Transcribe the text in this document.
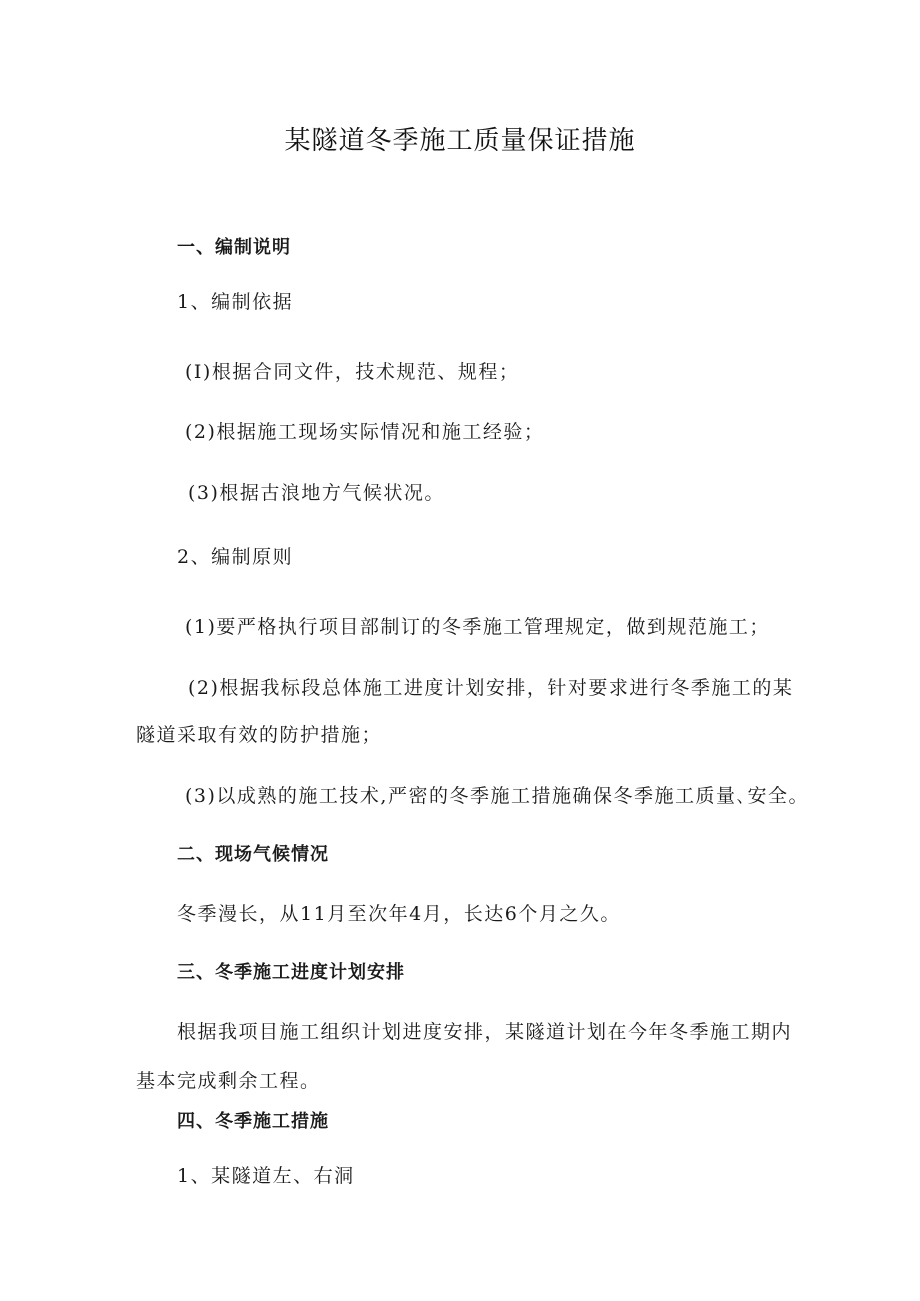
某隧道冬季施工质量保证措施
一、编制说明
1、编制依据
(I)根据合同文件，技术规范、规程；
(2)根据施工现场实际情况和施工经验；
(3)根据古浪地方气候状况。
2、编制原则
(1)要严格执行项目部制订的冬季施工管理规定，做到规范施工；
(2)根据我标段总体施工进度计划安排，针对要求进行冬季施工的某
隧道采取有效的防护措施；
(3)以成熟的施工技术,严密的冬季施工措施确保冬季施工质量､安全。
二、现场气候情况
冬季漫长，从11月至次年4月，长达6个月之久。
三、冬季施工进度计划安排
根据我项目施工组织计划进度安排，某隧道计划在今年冬季施工期内
基本完成剩余工程。
四、冬季施工措施
1、某隧道左、右洞
